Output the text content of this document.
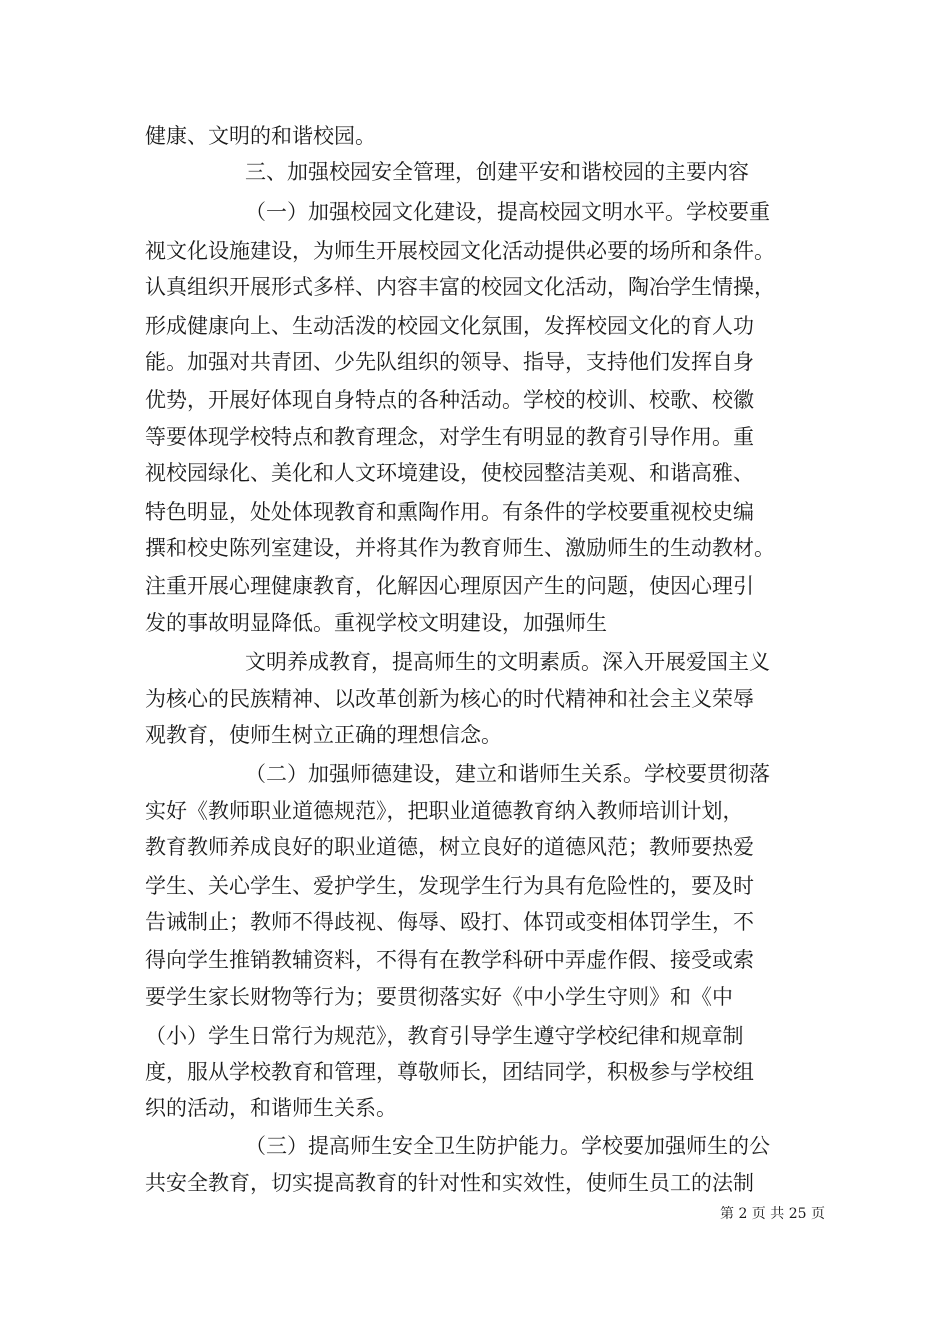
健康、文明的和谐校园。
三、加强校园安全管理，创建平安和谐校园的主要内容
（一）加强校园文化建设，提高校园文明水平。学校要重
视文化设施建设，为师生开展校园文化活动提供必要的场所和条件。
认真组织开展形式多样、内容丰富的校园文化活动，陶冶学生情操，
形成健康向上、生动活泼的校园文化氛围，发挥校园文化的育人功
能。加强对共青团、少先队组织的领导、指导，支持他们发挥自身
优势，开展好体现自身特点的各种活动。学校的校训、校歌、校徽
等要体现学校特点和教育理念，对学生有明显的教育引导作用。重
视校园绿化、美化和人文环境建设，使校园整洁美观、和谐高雅、
特色明显，处处体现教育和熏陶作用。有条件的学校要重视校史编
撰和校史陈列室建设，并将其作为教育师生、激励师生的生动教材。
注重开展心理健康教育，化解因心理原因产生的问题，使因心理引
发的事故明显降低。重视学校文明建设，加强师生
文明养成教育，提高师生的文明素质。深入开展爱国主义
为核心的民族精神、以改革创新为核心的时代精神和社会主义荣辱
观教育，使师生树立正确的理想信念。
（二）加强师德建设，建立和谐师生关系。学校要贯彻落
实好《教师职业道德规范》，把职业道德教育纳入教师培训计划，
教育教师养成良好的职业道德，树立良好的道德风范；教师要热爱
学生、关心学生、爱护学生，发现学生行为具有危险性的，要及时
告诫制止；教师不得歧视、侮辱、殴打、体罚或变相体罚学生，不
得向学生推销教辅资料，不得有在教学科研中弄虚作假、接受或索
要学生家长财物等行为；要贯彻落实好《中小学生守则》和《中
（小）学生日常行为规范》，教育引导学生遵守学校纪律和规章制
度，服从学校教育和管理，尊敬师长，团结同学，积极参与学校组
织的活动，和谐师生关系。
（三）提高师生安全卫生防护能力。学校要加强师生的公
共安全教育，切实提高教育的针对性和实效性，使师生员工的法制
第 2 页 共 25 页
